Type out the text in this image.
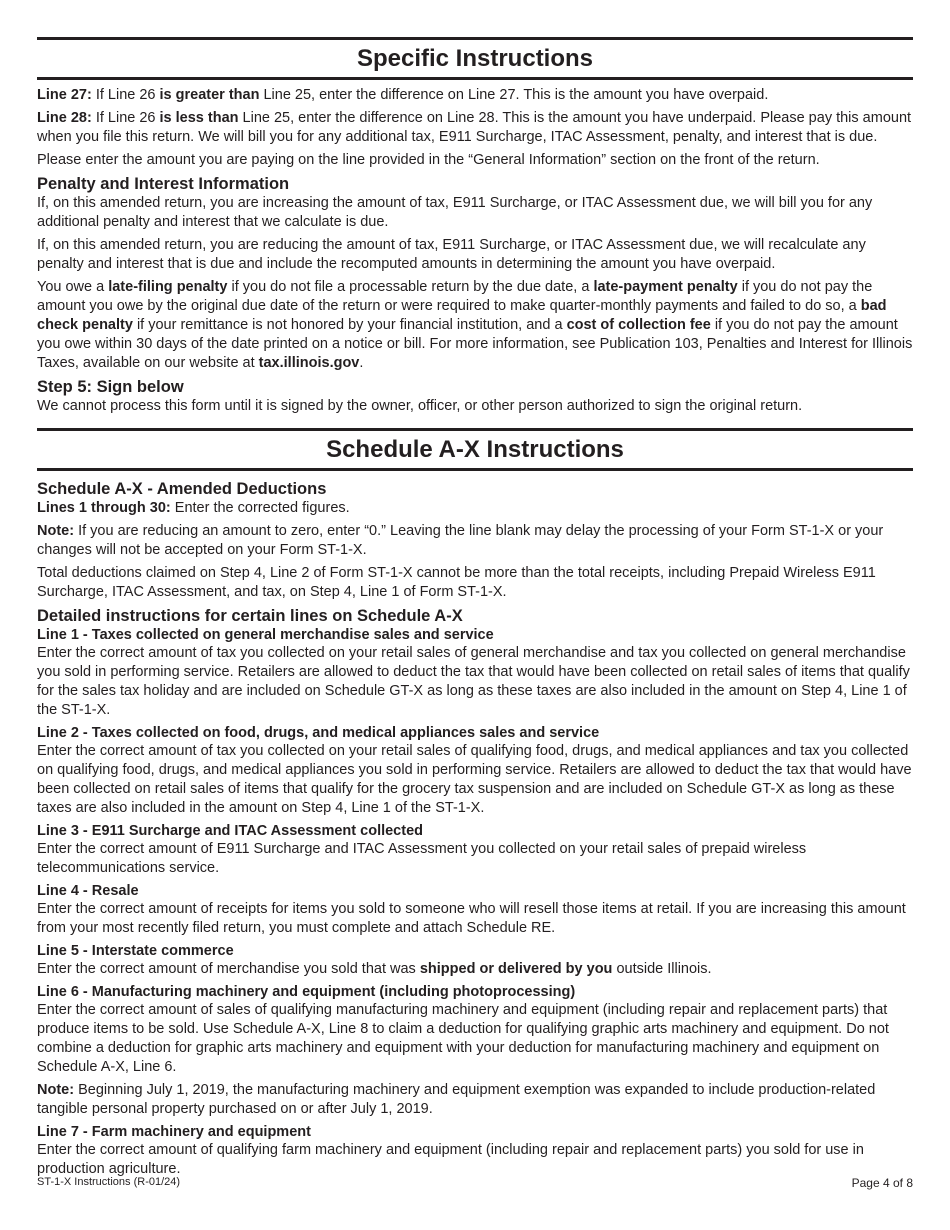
Specific Instructions

Line 27: If Line 26 is greater than Line 25, enter the difference on Line 27. This is the amount you have overpaid.

Line 28: If Line 26 is less than Line 25, enter the difference on Line 28. This is the amount you have underpaid. Please pay this amount when you file this return. We will bill you for any additional tax, E911 Surcharge, ITAC Assessment, penalty, and interest that is due.

Please enter the amount you are paying on the line provided in the “General Information” section on the front of the return.

Penalty and Interest Information

If, on this amended return, you are increasing the amount of tax, E911 Surcharge, or ITAC Assessment due, we will bill you for any additional penalty and interest that we calculate is due.

If, on this amended return, you are reducing the amount of tax, E911 Surcharge, or ITAC Assessment due, we will recalculate any penalty and interest that is due and include the recomputed amounts in determining the amount you have overpaid.

You owe a late-filing penalty if you do not file a processable return by the due date, a late-payment penalty if you do not pay the amount you owe by the original due date of the return or were required to make quarter-monthly payments and failed to do so, a bad check penalty if your remittance is not honored by your financial institution, and a cost of collection fee if you do not pay the amount you owe within 30 days of the date printed on a notice or bill. For more information, see Publication 103, Penalties and Interest for Illinois Taxes, available on our website at tax.illinois.gov.

Step 5: Sign below

We cannot process this form until it is signed by the owner, officer, or other person authorized to sign the original return.

Schedule A-X Instructions

Schedule A-X - Amended Deductions

Lines 1 through 30: Enter the corrected figures.

Note: If you are reducing an amount to zero, enter “0.” Leaving the line blank may delay the processing of your Form ST-1-X or your changes will not be accepted on your Form ST-1-X.

Total deductions claimed on Step 4, Line 2 of Form ST-1-X cannot be more than the total receipts, including Prepaid Wireless E911 Surcharge, ITAC Assessment, and tax, on Step 4, Line 1 of Form ST-1-X.

Detailed instructions for certain lines on Schedule A-X

Line 1 - Taxes collected on general merchandise sales and service

Enter the correct amount of tax you collected on your retail sales of general merchandise and tax you collected on general merchandise you sold in performing service. Retailers are allowed to deduct the tax that would have been collected on retail sales of items that qualify for the sales tax holiday and are included on Schedule GT-X as long as these taxes are also included in the amount on Step 4, Line 1 of the ST-1-X.

Line 2 - Taxes collected on food, drugs, and medical appliances sales and service

Enter the correct amount of tax you collected on your retail sales of qualifying food, drugs, and medical appliances and tax you collected on qualifying food, drugs, and medical appliances you sold in performing service. Retailers are allowed to deduct the tax that would have been collected on retail sales of items that qualify for the grocery tax suspension and are included on Schedule GT-X as long as these taxes are also included in the amount on Step 4, Line 1 of the ST-1-X.

Line 3 - E911 Surcharge and ITAC Assessment collected

Enter the correct amount of E911 Surcharge and ITAC Assessment you collected on your retail sales of prepaid wireless telecommunications service.

Line 4 - Resale

Enter the correct amount of receipts for items you sold to someone who will resell those items at retail. If you are increasing this amount from your most recently filed return, you must complete and attach Schedule RE.

Line 5 - Interstate commerce

Enter the correct amount of merchandise you sold that was shipped or delivered by you outside Illinois.

Line 6 - Manufacturing machinery and equipment (including photoprocessing)

Enter the correct amount of sales of qualifying manufacturing machinery and equipment (including repair and replacement parts) that produce items to be sold. Use Schedule A-X, Line 8 to claim a deduction for qualifying graphic arts machinery and equipment. Do not combine a deduction for graphic arts machinery and equipment with your deduction for manufacturing machinery and equipment on Schedule A-X, Line 6.

Note: Beginning July 1, 2019, the manufacturing machinery and equipment exemption was expanded to include production-related tangible personal property purchased on or after July 1, 2019.

Line 7 - Farm machinery and equipment

Enter the correct amount of qualifying farm machinery and equipment (including repair and replacement parts) you sold for use in production agriculture.

ST-1-X Instructions (R-01/24)	Page 4 of 8
